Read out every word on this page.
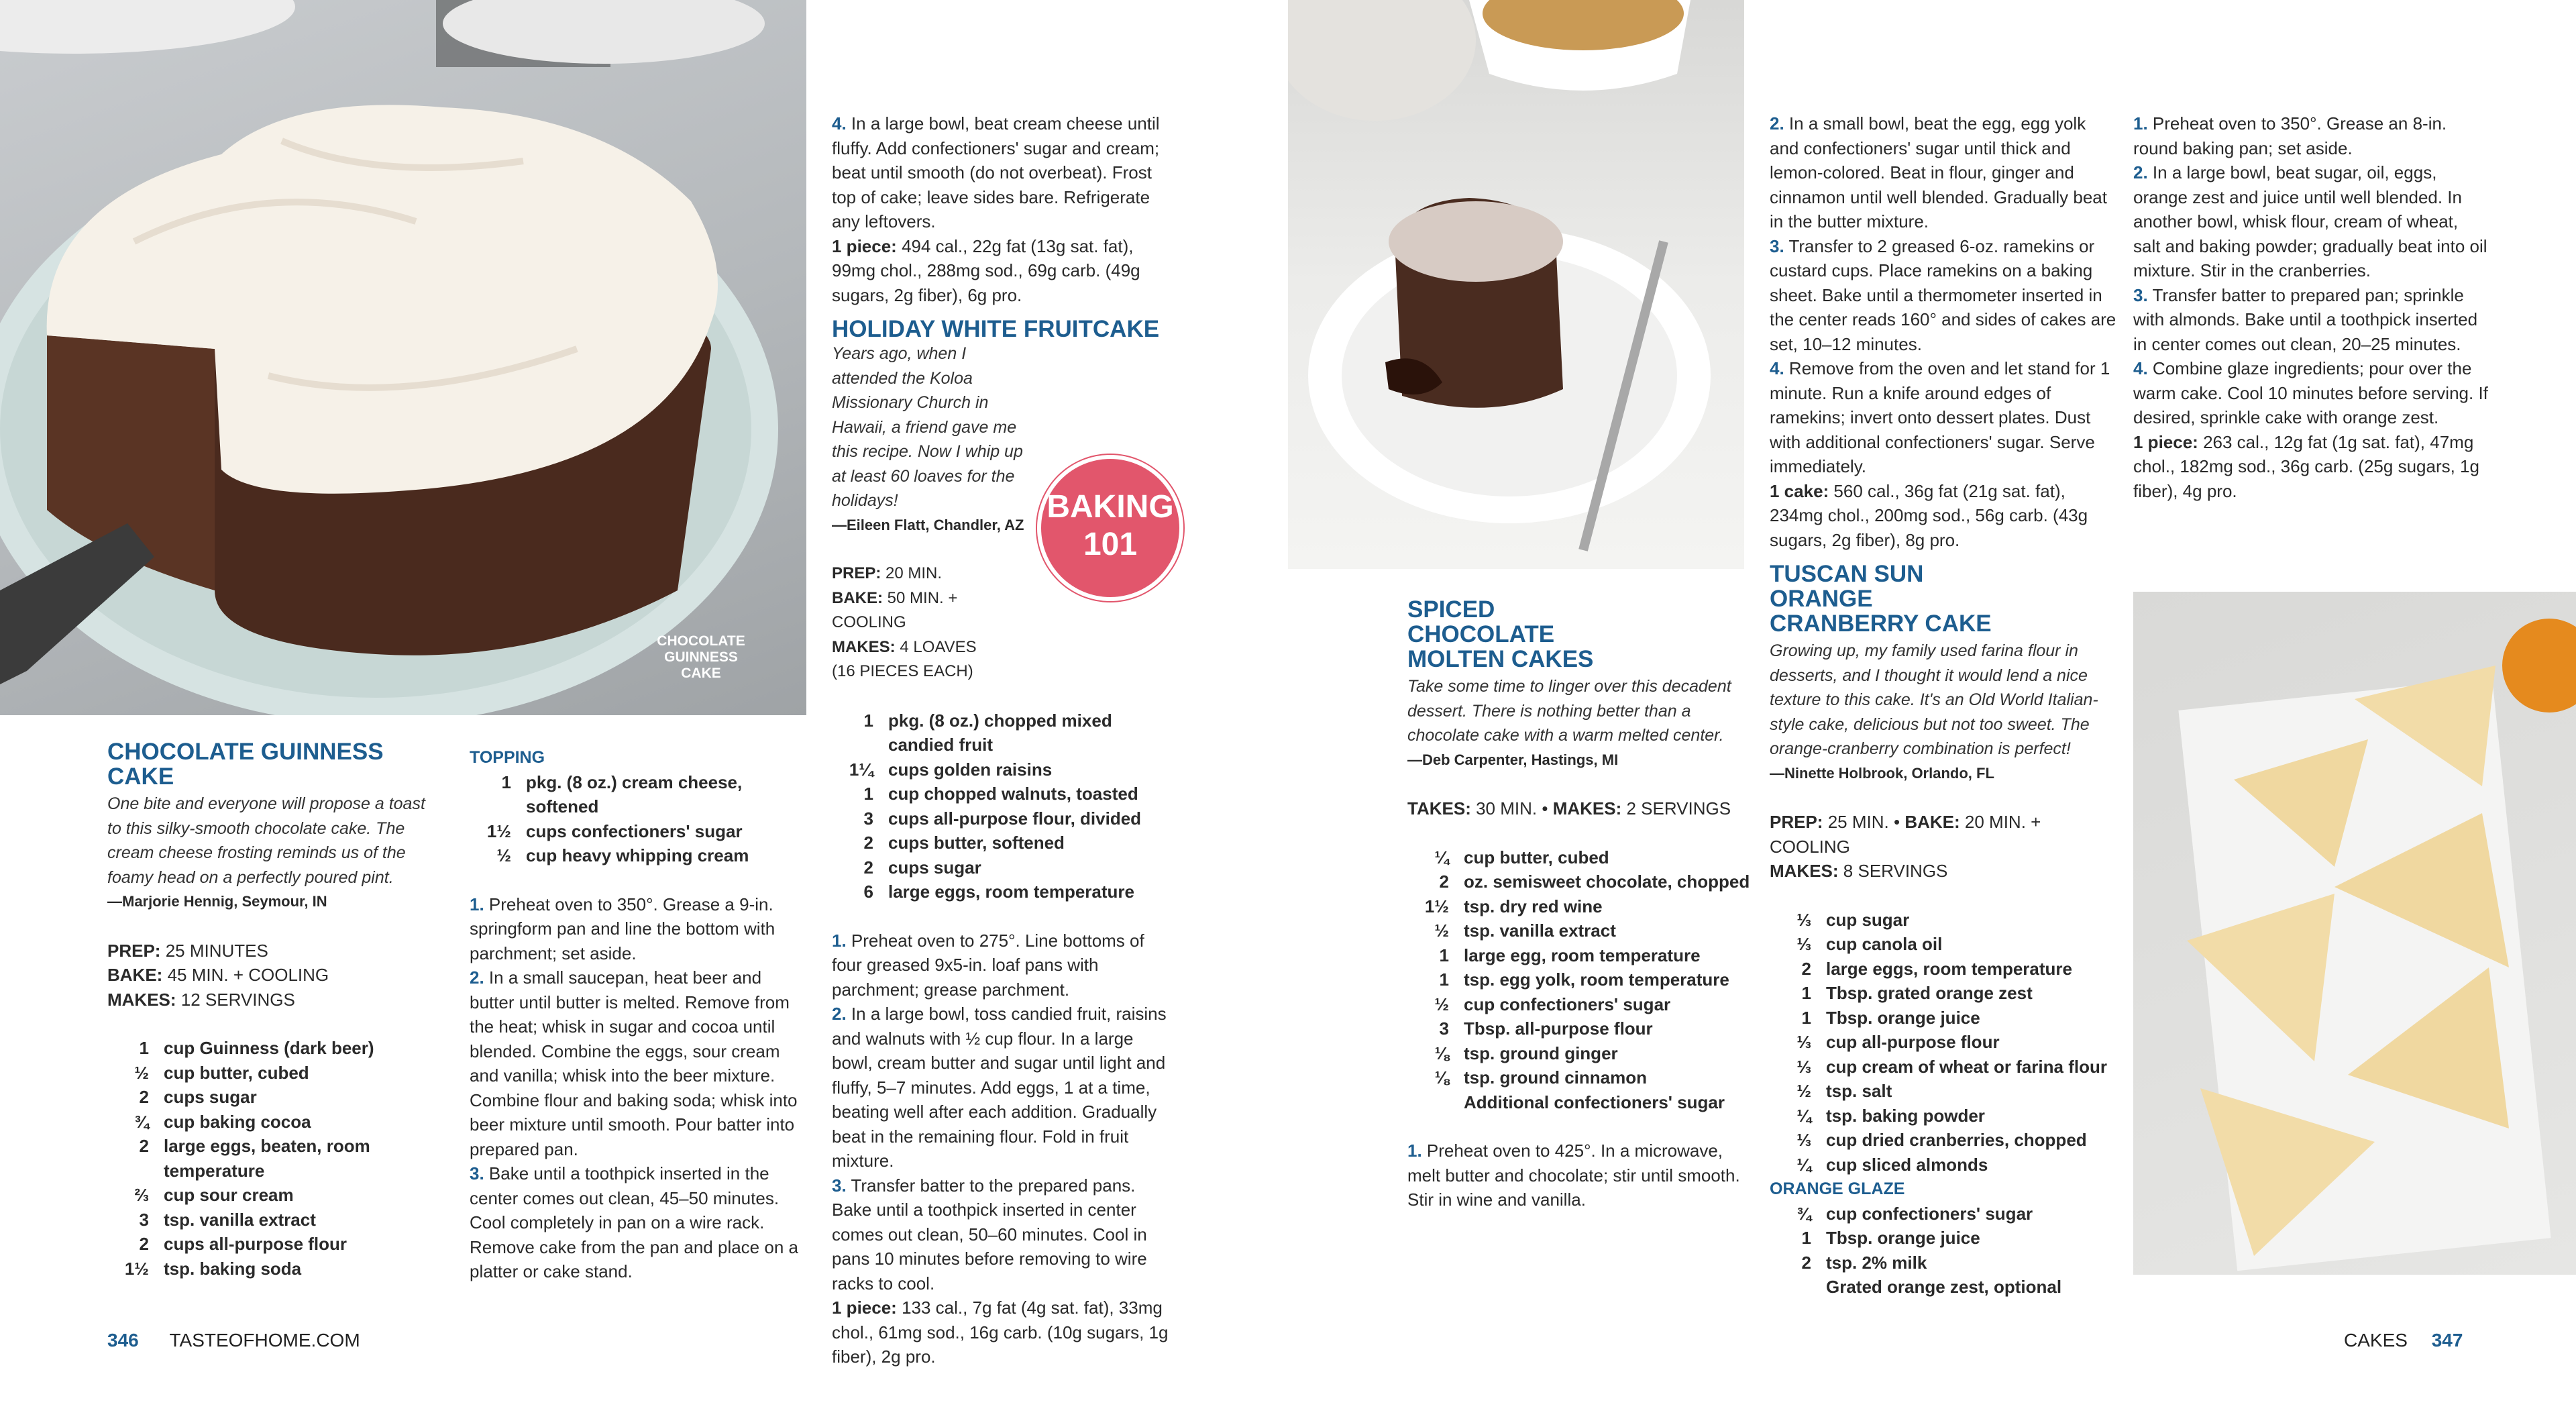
CHOCOLATE
GUINNESS CAKE

CHOCOLATE GUINNESS CAKE

One bite and everyone will propose a toast to this silky-smooth chocolate cake. The cream cheese frosting reminds us of the foamy head on a perfectly poured pint.

—Marjorie Hennig, Seymour, IN

PREP: 25 MINUTES

BAKE: 45 MIN. + COOLING

MAKES: 12 SERVINGS

1 cup Guinness (dark beer)
½ cup butter, cubed
2 cups sugar
¾ cup baking cocoa
2 large eggs, beaten, room temperature
⅔ cup sour cream
3 tsp. vanilla extract
2 cups all-purpose flour
1½ tsp. baking soda

TOPPING

1 pkg. (8 oz.) cream cheese, softened
1½ cups confectioners' sugar
½ cup heavy whipping cream

1. Preheat oven to 350°. Grease a 9-in. springform pan and line the bottom with parchment; set aside.

2. In a small saucepan, heat beer and butter until butter is melted. Remove from the heat; whisk in sugar and cocoa until blended. Combine the eggs, sour cream and vanilla; whisk into the beer mixture. Combine flour and baking soda; whisk into beer mixture until smooth. Pour batter into prepared pan.

3. Bake until a toothpick inserted in the center comes out clean, 45–50 minutes. Cool completely in pan on a wire rack. Remove cake from the pan and place on a platter or cake stand.

4. In a large bowl, beat cream cheese until fluffy. Add confectioners' sugar and cream; beat until smooth (do not overbeat). Frost top of cake; leave sides bare. Refrigerate any leftovers.

1 piece: 494 cal., 22g fat (13g sat. fat), 99mg chol., 288mg sod., 69g carb. (49g sugars, 2g fiber), 6g pro.

HOLIDAY WHITE FRUITCAKE

Years ago, when I attended the Koloa Missionary Church in Hawaii, a friend gave me this recipe. Now I whip up at least 60 loaves for the holidays!

—Eileen Flatt, Chandler, AZ

PREP: 20 MIN.

BAKE: 50 MIN. + COOLING

MAKES: 4 LOAVES

(16 PIECES EACH)

1 pkg. (8 oz.) chopped mixed candied fruit
1¼ cups golden raisins
1 cup chopped walnuts, toasted
3 cups all-purpose flour, divided
2 cups butter, softened
2 cups sugar
6 large eggs, room temperature

1. Preheat oven to 275°. Line bottoms of four greased 9x5-in. loaf pans with parchment; grease parchment.

2. In a large bowl, toss candied fruit, raisins and walnuts with ½ cup flour. In a large bowl, cream butter and sugar until light and fluffy, 5–7 minutes. Add eggs, 1 at a time, beating well after each addition. Gradually beat in the remaining flour. Fold in fruit mixture.

3. Transfer batter to the prepared pans. Bake until a toothpick inserted in center comes out clean, 50–60 minutes. Cool in pans 10 minutes before removing to wire racks to cool.

1 piece: 133 cal., 7g fat (4g sat. fat), 33mg chol., 61mg sod., 16g carb. (10g sugars, 1g fiber), 2g pro.

BAKING
101
346 TASTEOFHOME.COM

SPICED CHOCOLATE MOLTEN CAKES

Take some time to linger over this decadent dessert. There is nothing better than a chocolate cake with a warm melted center.

—Deb Carpenter, Hastings, MI

TAKES: 30 MIN. • MAKES: 2 SERVINGS

¼ cup butter, cubed
2 oz. semisweet chocolate, chopped
1½ tsp. dry red wine
½ tsp. vanilla extract
1 large egg, room temperature
1 tsp. egg yolk, room temperature
½ cup confectioners' sugar
3 Tbsp. all-purpose flour
⅛ tsp. ground ginger
⅛ tsp. ground cinnamon
Additional confectioners' sugar

1. Preheat oven to 425°. In a microwave, melt butter and chocolate; stir until smooth. Stir in wine and vanilla.

2. In a small bowl, beat the egg, egg yolk and confectioners' sugar until thick and lemon-colored. Beat in flour, ginger and cinnamon until well blended. Gradually beat in the butter mixture.

3. Transfer to 2 greased 6-oz. ramekins or custard cups. Place ramekins on a baking sheet. Bake until a thermometer inserted in the center reads 160° and sides of cakes are set, 10–12 minutes.

4. Remove from the oven and let stand for 1 minute. Run a knife around edges of ramekins; invert onto dessert plates. Dust with additional confectioners' sugar. Serve immediately.

1 cake: 560 cal., 36g fat (21g sat. fat), 234mg chol., 200mg sod., 56g carb. (43g sugars, 2g fiber), 8g pro.

TUSCAN SUN ORANGE CRANBERRY CAKE

Growing up, my family used farina flour in desserts, and I thought it would lend a nice texture to this cake. It's an Old World Italian-style cake, delicious but not too sweet. The orange-cranberry combination is perfect!

—Ninette Holbrook, Orlando, FL

PREP: 25 MIN. • BAKE: 20 MIN. + COOLING

MAKES: 8 SERVINGS

⅓ cup sugar
⅓ cup canola oil
2 large eggs, room temperature
1 Tbsp. grated orange zest
1 Tbsp. orange juice
⅓ cup all-purpose flour
⅓ cup cream of wheat or farina flour
½ tsp. salt
¼ tsp. baking powder
⅓ cup dried cranberries, chopped
¼ cup sliced almonds

ORANGE GLAZE

¾ cup confectioners' sugar
1 Tbsp. orange juice
2 tsp. 2% milk
Grated orange zest, optional

1. Preheat oven to 350°. Grease an 8-in. round baking pan; set aside.

2. In a large bowl, beat sugar, oil, eggs, orange zest and juice until well blended. In another bowl, whisk flour, cream of wheat, salt and baking powder; gradually beat into oil mixture. Stir in the cranberries.

3. Transfer batter to prepared pan; sprinkle with almonds. Bake until a toothpick inserted in center comes out clean, 20–25 minutes.

4. Combine glaze ingredients; pour over the warm cake. Cool 10 minutes before serving. If desired, sprinkle cake with orange zest.

1 piece: 263 cal., 12g fat (1g sat. fat), 47mg chol., 182mg sod., 36g carb. (25g sugars, 1g fiber), 4g pro.

CAKES 347
